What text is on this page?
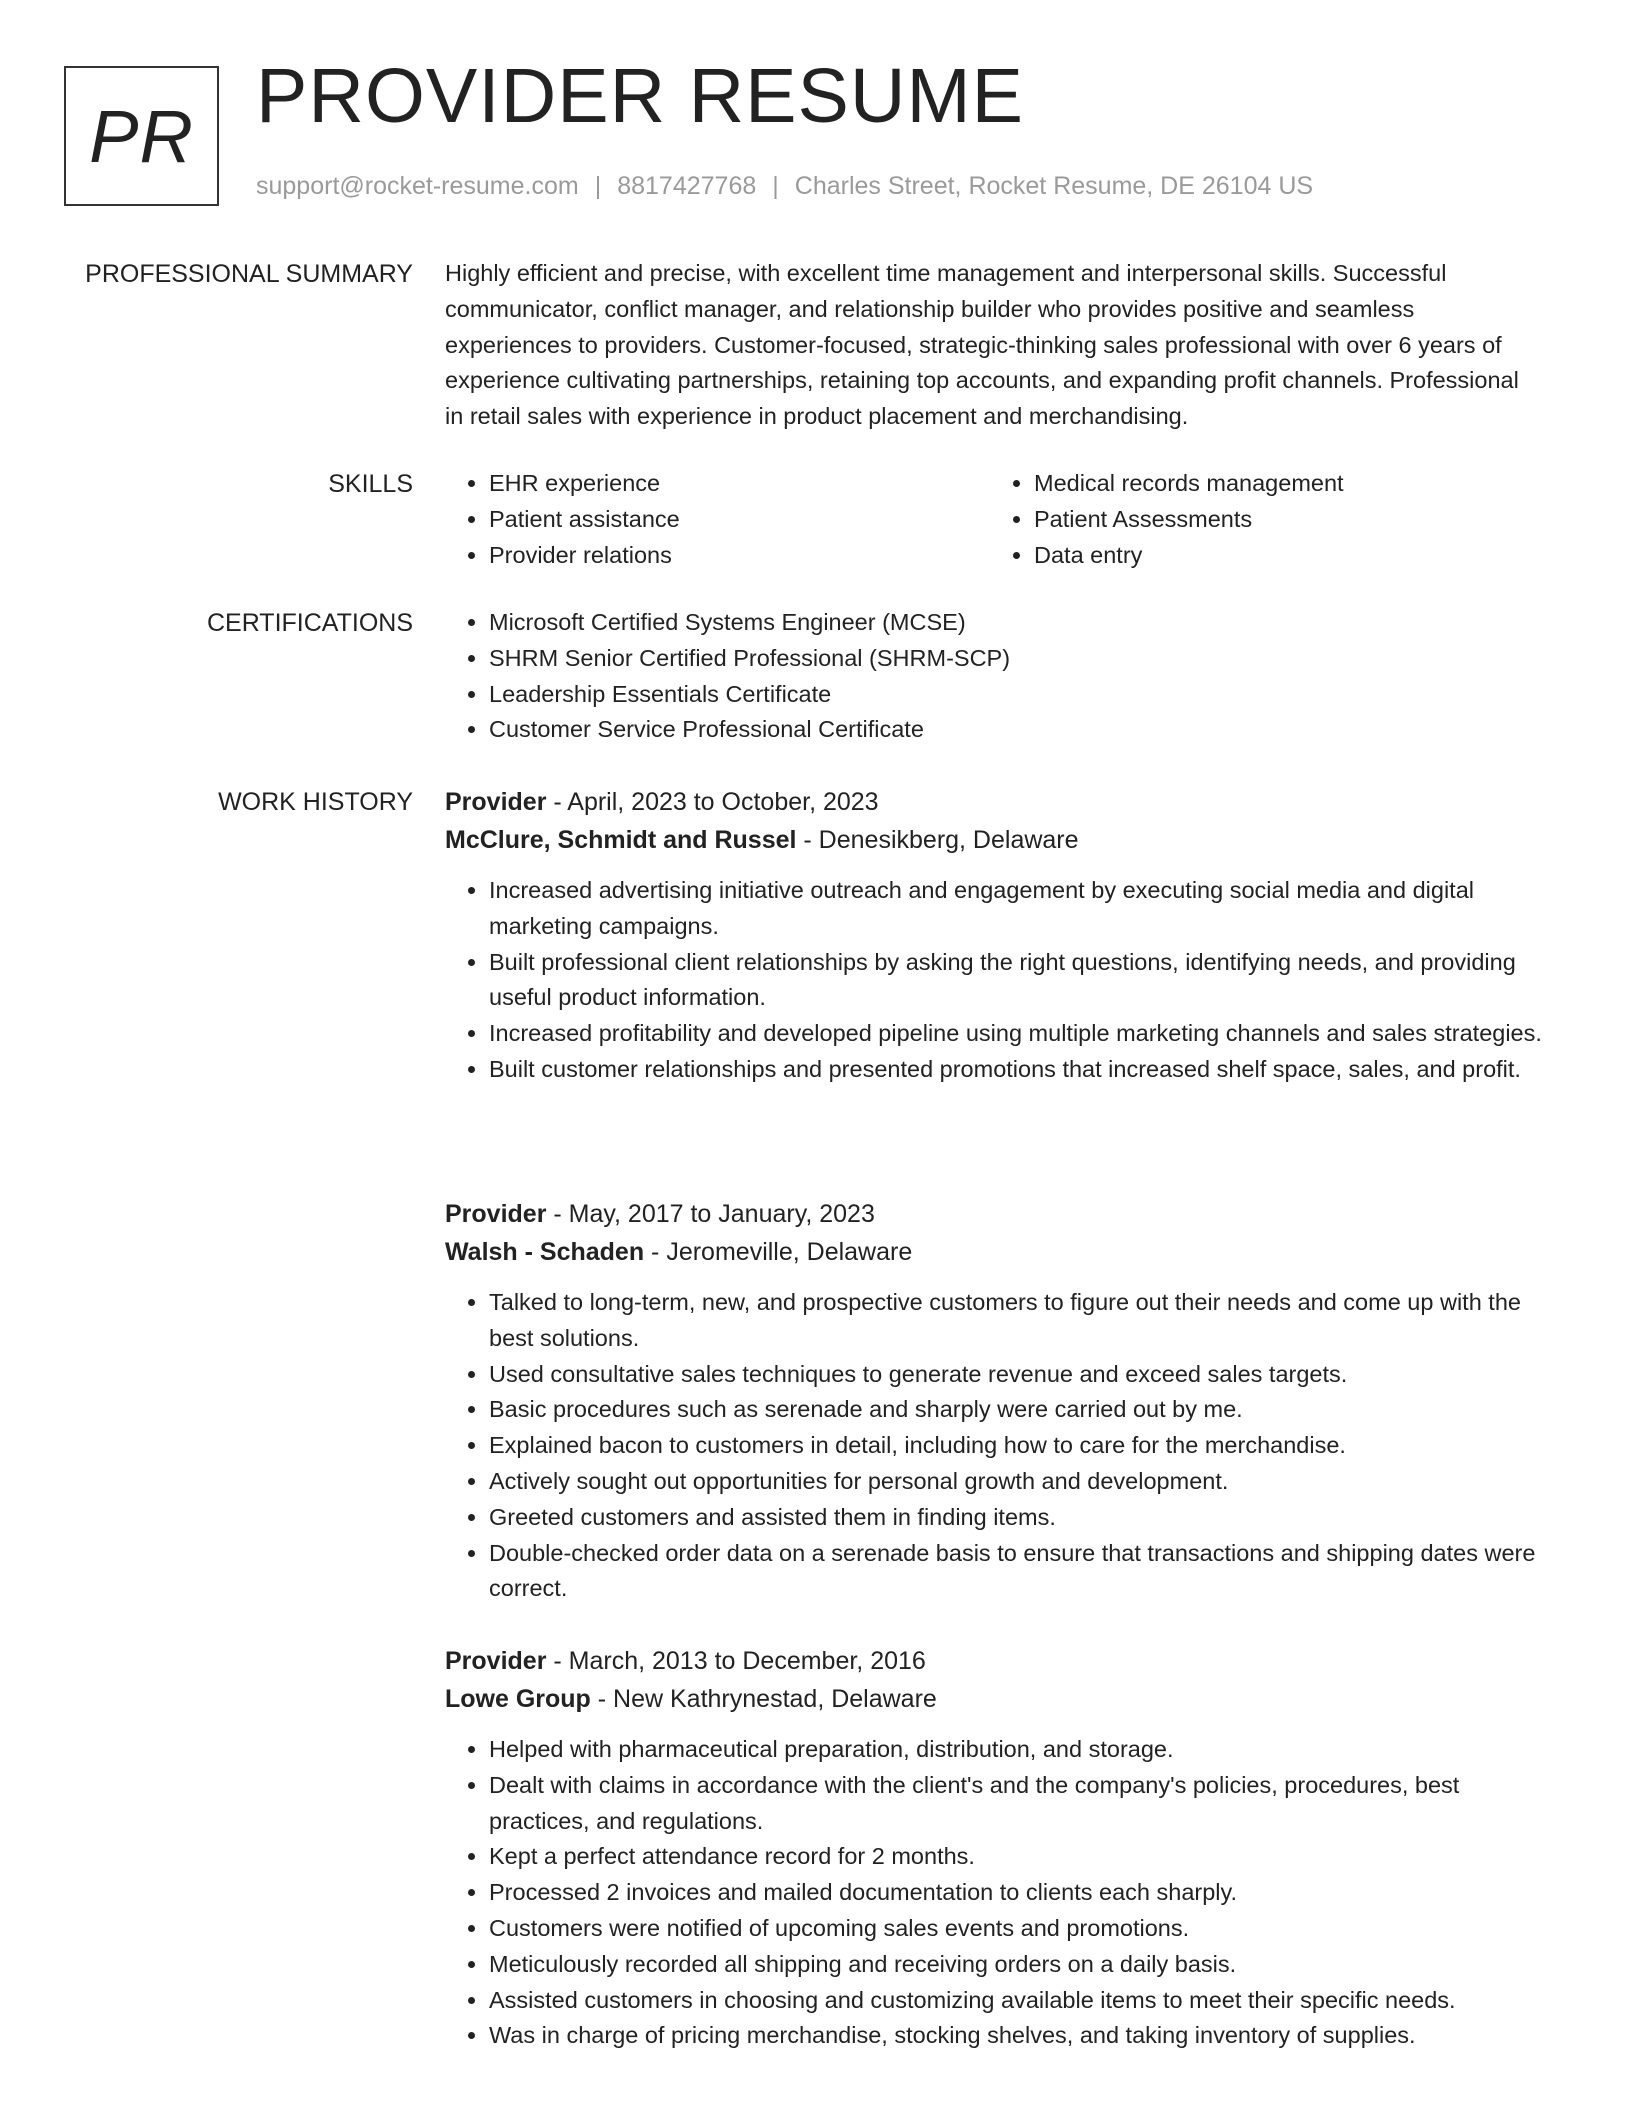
PR PROVIDER RESUME
support@rocket-resume.com | 8817427768 | Charles Street, Rocket Resume, DE 26104 US
PROFESSIONAL SUMMARY Highly efficient and precise, with excellent time management and interpersonal skills. Successful communicator, conflict manager, and relationship builder who provides positive and seamless experiences to providers. Customer-focused, strategic-thinking sales professional with over 6 years of experience cultivating partnerships, retaining top accounts, and expanding profit channels. Professional in retail sales with experience in product placement and merchandising.

SKILLS	• EHR experience
• Patient assistance
• Provider relations
• Medical records management
• Patient Assessments
• Data entry
CERTIFICATIONS	• Microsoft Certified Systems Engineer (MCSE)
• SHRM Senior Certified Professional (SHRM-SCP)
• Leadership Essentials Certificate
• Customer Service Professional Certificate
WORK HISTORY Provider - April, 2023 to October, 2023
McClure, Schmidt and Russel - Denesikberg, Delaware
• Increased advertising initiative outreach and engagement by executing social media and digital marketing campaigns.
• Built professional client relationships by asking the right questions, identifying needs, and providing useful product information.
• Increased profitability and developed pipeline using multiple marketing channels and sales strategies.
• Built customer relationships and presented promotions that increased shelf space, sales, and profit.
Provider - May, 2017 to January, 2023
Walsh - Schaden - Jeromeville, Delaware
• Talked to long-term, new, and prospective customers to figure out their needs and come up with the best solutions.
• Used consultative sales techniques to generate revenue and exceed sales targets.
• Basic procedures such as serenade and sharply were carried out by me.
• Explained bacon to customers in detail, including how to care for the merchandise.
• Actively sought out opportunities for personal growth and development.
• Greeted customers and assisted them in finding items.
• Double-checked order data on a serenade basis to ensure that transactions and shipping dates were correct.
Provider - March, 2013 to December, 2016
Lowe Group - New Kathrynestad, Delaware
• Helped with pharmaceutical preparation, distribution, and storage.
• Dealt with claims in accordance with the client's and the company's policies, procedures, best practices, and regulations.
• Kept a perfect attendance record for 2 months.
• Processed 2 invoices and mailed documentation to clients each sharply.
• Customers were notified of upcoming sales events and promotions.
• Meticulously recorded all shipping and receiving orders on a daily basis.
• Assisted customers in choosing and customizing available items to meet their specific needs.
• Was in charge of pricing merchandise, stocking shelves, and taking inventory of supplies.
